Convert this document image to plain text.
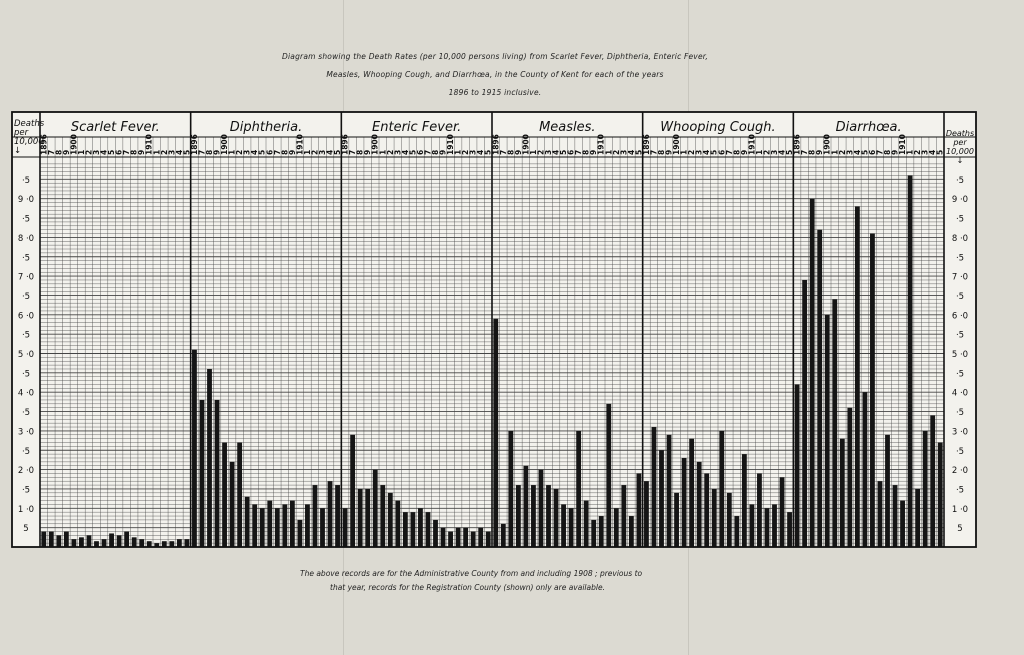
Diagram showing the Death Rates (per 10,000 persons living) from Scarlet Fever, Diphtheria, Enteric Fever,
Measles, Whooping Cough, and Diarrhœa, in the County of Kent for each of the years
1896 to 1915 inclusive.
Scarlet Fever.
1896
7
8
9
1900
1
2
3
4
5
6
7
8
9
1910
1
2
3
4
5
Diphtheria.
1896
7
8
9
1900
1
2
3
4
5
6
7
8
9
1910
1
2
3
4
5
Enteric Fever.
1896
7
8
9
1900
1
2
3
4
5
6
7
8
9
1910
1
2
3
4
5
Measles.
1896
7
8
9
1900
1
2
3
4
5
6
7
8
9
1910
1
2
3
4
5
Whooping Cough.
1896
7
8
9
1900
1
2
3
4
5
6
7
8
9
1910
1
2
3
4
5
Diarrhœa.
1896
7
8
9
1900
1
2
3
4
5
6
7
8
9
1910
1
2
3
4
5
Deaths
per
10,000
↓
Deaths
per
10,000
↓
5	5
1 ·0	1 ·0
·5	·5
2 ·0	2 ·0
·5	·5
3 ·0	3 ·0
·5	·5
4 ·0	4 ·0
·5	·5
5 ·0	5 ·0
·5	·5
6 ·0	6 ·0
·5	·5
7 ·0	7 ·0
·5	·5
8 ·0	8 ·0
·5	·5
9 ·0	9 ·0
·5	·5
The above records are for the Administrative County from and including 1908 ; previous to
that year, records for the Registration County (shown) only are available.
